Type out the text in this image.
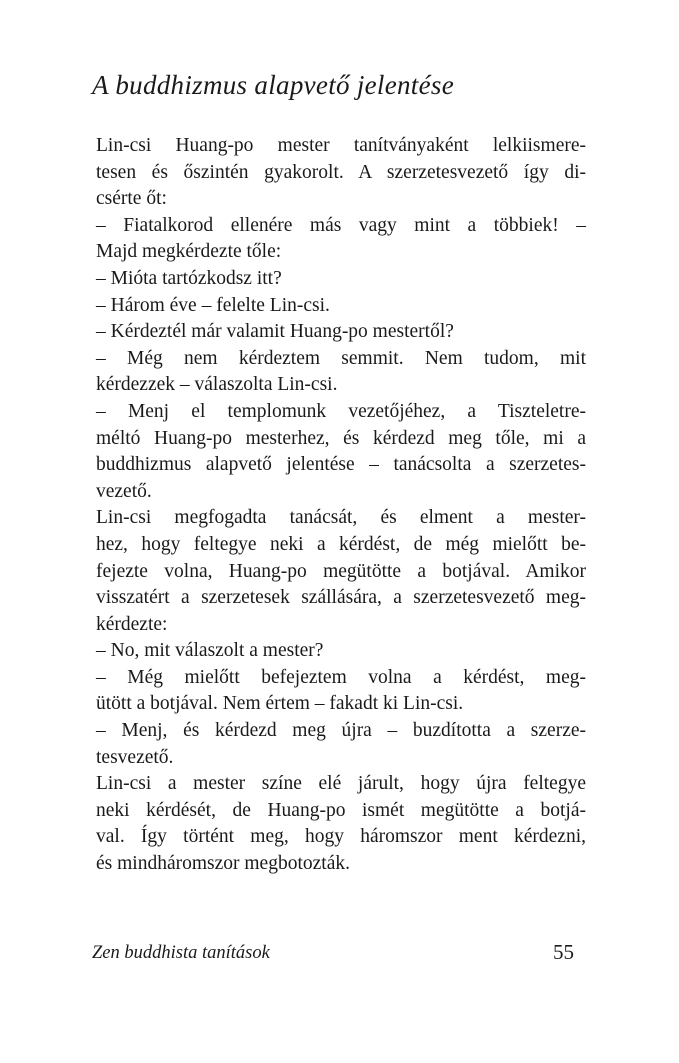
A buddhizmus alapvető jelentése
Lin-csi Huang-po mester tanítványaként lelkiismere-
tesen és őszintén gyakorolt. A szerzetesvezető így di-
csérte őt:
– Fiatalkorod ellenére más vagy mint a többiek! –
Majd megkérdezte tőle:
– Mióta tartózkodsz itt?
– Három éve – felelte Lin-csi.
– Kérdeztél már valamit Huang-po mestertől?
– Még nem kérdeztem semmit. Nem tudom, mit
kérdezzek – válaszolta Lin-csi.
– Menj el templomunk vezetőjéhez, a Tiszteletre-
méltó Huang-po mesterhez, és kérdezd meg tőle, mi a
buddhizmus alapvető jelentése – tanácsolta a szerzetes-
vezető.
Lin-csi megfogadta tanácsát, és elment a mester-
hez, hogy feltegye neki a kérdést, de még mielőtt be-
fejezte volna, Huang-po megütötte a botjával. Amikor
visszatért a szerzetesek szállására, a szerzetesvezető meg-
kérdezte:
– No, mit válaszolt a mester?
– Még mielőtt befejeztem volna a kérdést, meg-
ütött a botjával. Nem értem – fakadt ki Lin-csi.
– Menj, és kérdezd meg újra – buzdította a szerze-
tesvezető.
Lin-csi a mester színe elé járult, hogy újra feltegye
neki kérdését, de Huang-po ismét megütötte a botjá-
val. Így történt meg, hogy háromszor ment kérdezni,
és mindháromszor megbotozták.
Zen buddhista tanítások	55
